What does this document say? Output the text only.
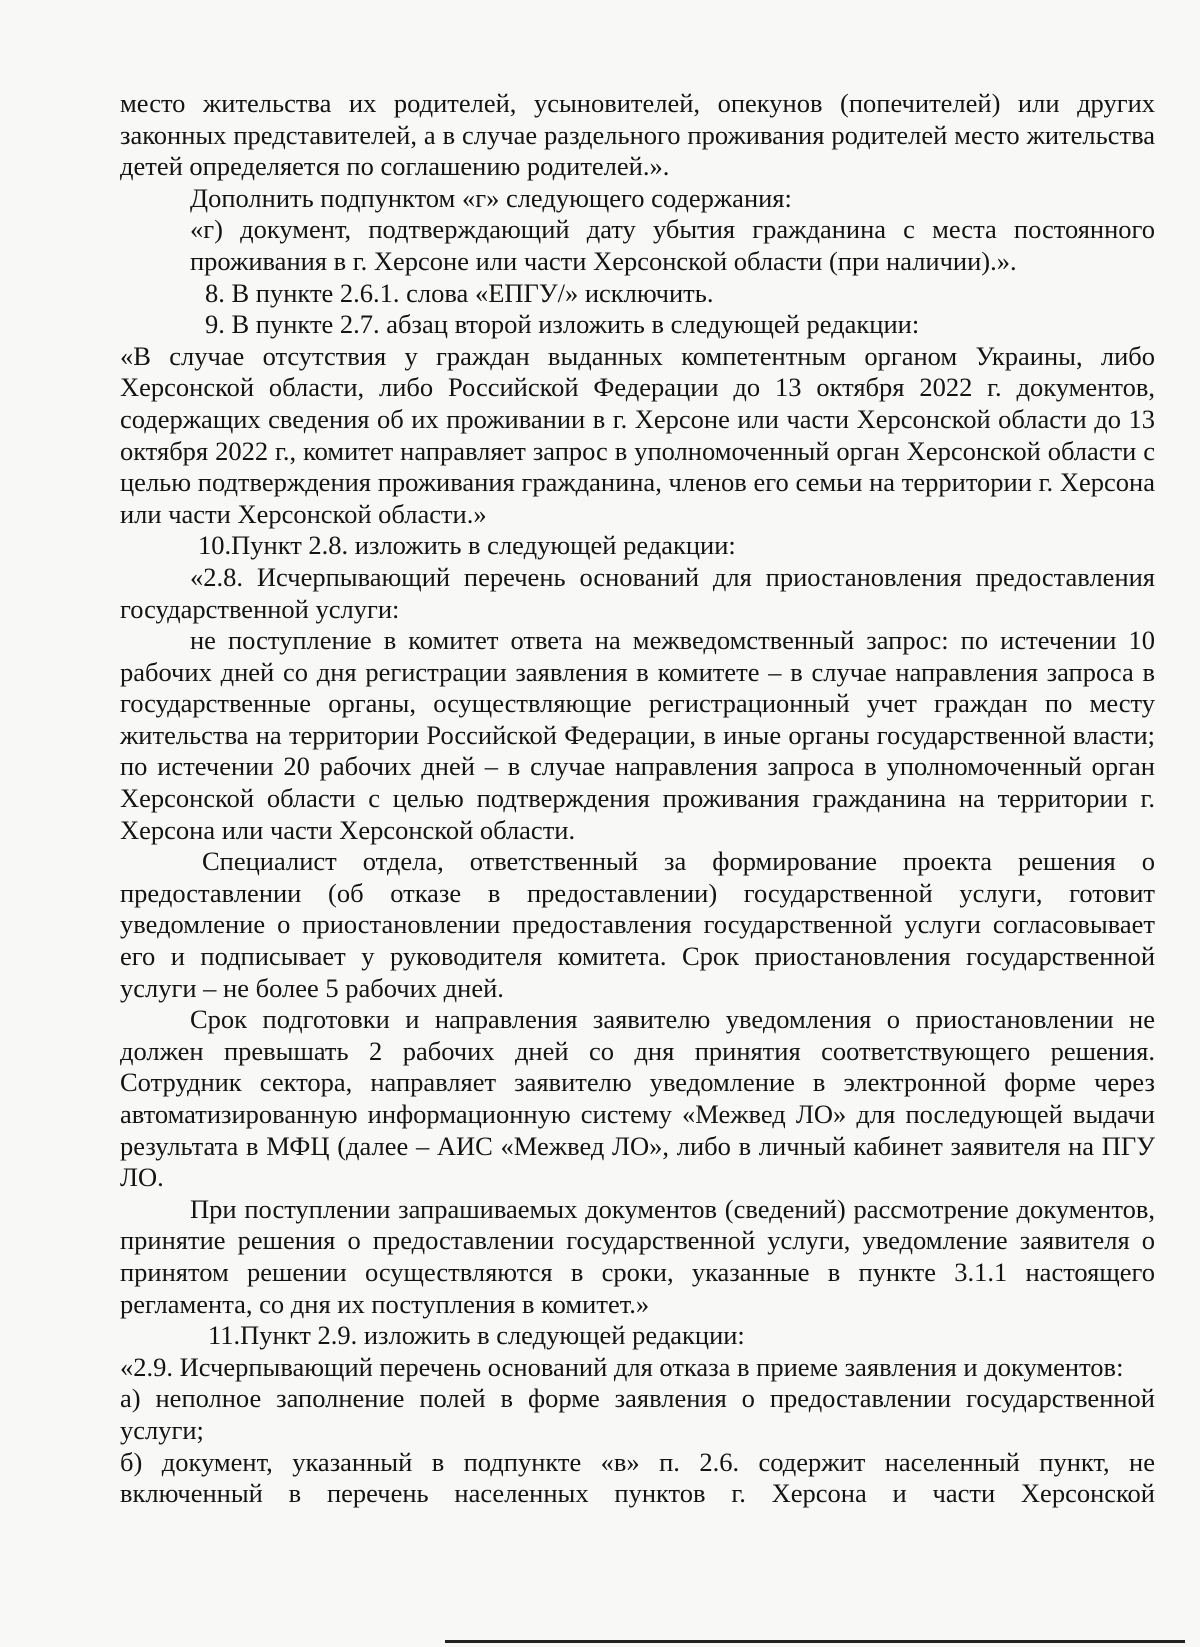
место жительства их родителей, усыновителей, опекунов (попечителей) или других законных представителей, а в случае раздельного проживания родителей место жительства детей определяется по соглашению родителей.».

Дополнить подпунктом «г» следующего содержания:

«г) документ, подтверждающий дату убытия гражданина с места постоянного проживания в г. Херсоне или части Херсонской области (при наличии).».

8. В пункте 2.6.1. слова «ЕПГУ/» исключить.

9. В пункте 2.7. абзац второй изложить в следующей редакции:

«В случае отсутствия у граждан выданных компетентным органом Украины, либо Херсонской области, либо Российской Федерации до 13 октября 2022 г. документов, содержащих сведения об их проживании в г. Херсоне или части Херсонской области до 13 октября 2022 г., комитет направляет запрос в уполномоченный орган Херсонской области с целью подтверждения проживания гражданина, членов его семьи на территории г. Херсона или части Херсонской области.»

10.Пункт 2.8. изложить в следующей редакции:

«2.8. Исчерпывающий перечень оснований для приостановления предоставления государственной услуги:

не поступление в комитет ответа на межведомственный запрос: по истечении 10 рабочих дней со дня регистрации заявления в комитете – в случае направления запроса в государственные органы, осуществляющие регистрационный учет граждан по месту жительства на территории Российской Федерации, в иные органы государственной власти; по истечении 20 рабочих дней – в случае направления запроса в уполномоченный орган Херсонской области с целью подтверждения проживания гражданина на территории г. Херсона или части Херсонской области.

Специалист отдела, ответственный за формирование проекта решения о предоставлении (об отказе в предоставлении) государственной услуги, готовит уведомление о приостановлении предоставления государственной услуги согласовывает его и подписывает у руководителя комитета. Срок приостановления государственной услуги – не более 5 рабочих дней.

Срок подготовки и направления заявителю уведомления о приостановлении не должен превышать 2 рабочих дней со дня принятия соответствующего решения. Сотрудник сектора, направляет заявителю уведомление в электронной форме через автоматизированную информационную систему «Межвед ЛО» для последующей выдачи результата в МФЦ (далее – АИС «Межвед ЛО», либо в личный кабинет заявителя на ПГУ ЛО.

При поступлении запрашиваемых документов (сведений) рассмотрение документов, принятие решения о предоставлении государственной услуги, уведомление заявителя о принятом решении осуществляются в сроки, указанные в пункте 3.1.1 настоящего регламента, со дня их поступления в комитет.»

11.Пункт 2.9. изложить в следующей редакции:

«2.9. Исчерпывающий перечень оснований для отказа в приеме заявления и документов:

а) неполное заполнение полей в форме заявления о предоставлении государственной услуги;

б) документ, указанный в подпункте «в» п. 2.6. содержит населенный пункт, не включенный в перечень населенных пунктов г. Херсона и части Херсонской
